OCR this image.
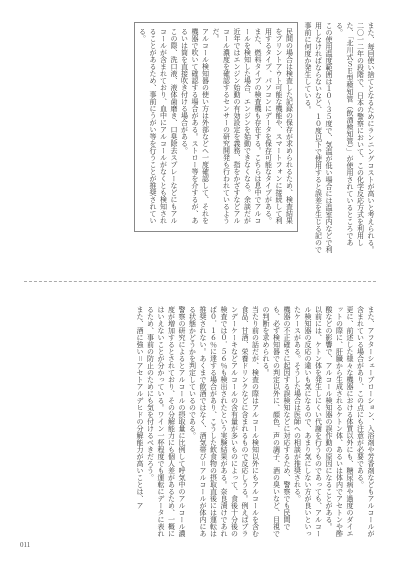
また、毎回使い捨てとなるためにランニングコストが高いと考えられる。

二〇一二年の段階で、日本の警察において、この化学反応方式を利用した、「北川式ＳＥ型検知管（飲酒検知管）」が使用されているところである。

この使用温度範囲は１０〜３５度で、気温が低い場合には温室内などで利用しなければならないなど、１０度以下で使用すると誤差を生じる記ので事前に何度か発生している。

民間の場合は検査した記録の保存が求められるため、検査結果をプリントアウト可能な機能や、スマートフォンに接続して利用するタイプ、パソコンにデータを保存可能なタイプがある。

また、燃料タイプの検査機も存在する。こちらは息中でアルコールを検知した場合、エンジンを始動できなくなる。余談だが近年ではエンジン始動の有効設定を義務、指をかざすなどアルコール濃度を確認するセンサーの研究開発も行われているようだ。

アルコール検知器の使い方は外部などへ一度確認して、それを機器で吹いて確認する場合がある。ストロー等を介するが、あるいは筒を直接吹き付ける場合がある。

この際、洗口液、液体歯磨き、口臭除去スプレーなどにもアルコールが含まれており、血中にアルコールがなくとも検知されることがあるため、事前にうがい等を行うことが推奨されている。

また、アフターシェーブローション、入浴剤や芳香剤などもアルコールが含まれている場合があり、この点にも注意が必要である。

更に、前述した様々な機器における体質以外にも、糖尿病や過度のダイエットの際に、肝臓から生成されるケトン体、あるいは体内でアセトンや酢酸などの影響で、アルコール検知器の誤作動の原因になることがある。

以前には、ケトン体を発生しにくい代謝を行うものであっても、アルコール検知器の反応の違いも気になるので、あまり気にしない方が良いといったケースがある。そうした場合は医師への相談が推奨される。

機器の不正確さに起因する誤検知などに対応するため、警察でも民間でも、必ず検知器での判定以外に、顔色、声の調子、酒の臭いなど、目視での判断を求められる。

当たり前の話だが、検査の際はアルコール検知以外にもアルコールを含む食品、甘酒、栄養ドリンクなどに含まれるもので反応しうる。例えばブランデーケーキなどアルコールの含有量が多いものによって、食後十分後の検査では０．５６％も検出されたという実験結果がある。奈良漬けであれば０．１６％に達する場合があり、こうした飲食物の摂取直後には運転は推奨されない。あくまで飲酒ではなく、酒気帯び＝アルコールが体内にある状態かどうかを判定しているのである。

警察の研究によるとアルコールの摂取量に比例して呼気中のアルコール濃度が増加するとされており、その分解能力にも個人差があるため、一概にはいえないことが分かっている。ワイン一杯程度でも運転にデータに表れるため、事前の防止のためにも気を付けるべきだろう。

また、酒に強い＝アセトアルデヒドの分解能力が高いことは、ア

011
